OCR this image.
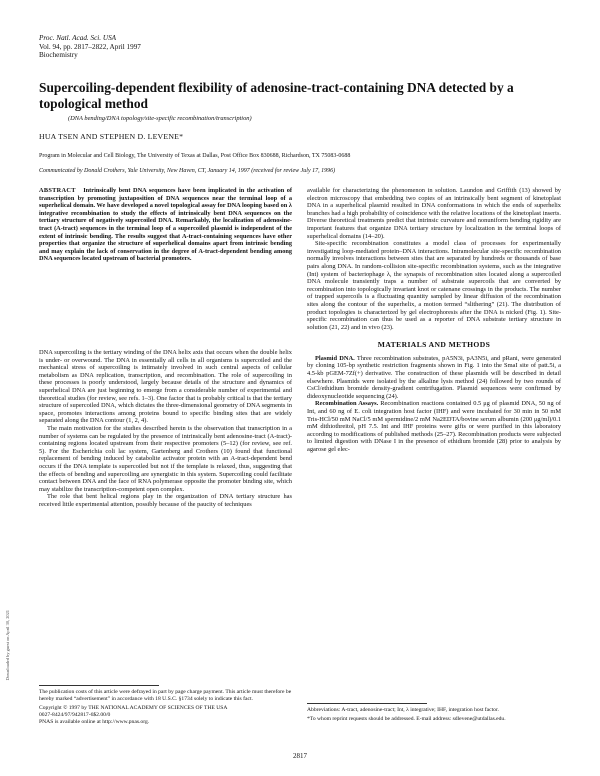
Proc. Natl. Acad. Sci. USA
Vol. 94, pp. 2817–2822, April 1997
Biochemistry
Supercoiling-dependent flexibility of adenosine-tract-containing DNA detected by a topological method
(DNA bending/DNA topology/site-specific recombination/transcription)
HUA TSEN AND STEPHEN D. LEVENE*
Program in Molecular and Cell Biology, The University of Texas at Dallas, Post Office Box 830688, Richardson, TX 75083-0688
Communicated by Donald Crothers, Yale University, New Haven, CT, January 14, 1997 (received for review July 17, 1996)
ABSTRACT Intrinsically bent DNA sequences have been implicated in the activation of transcription by promoting juxtaposition of DNA sequences near the terminal loop of a superhelical domain. We have developed a novel topological assay for DNA looping based on λ integrative recombination to study the effects of intrinsically bent DNA sequences on the tertiary structure of negatively supercoiled DNA. Remarkably, the localization of adenosine-tract (A-tract) sequences in the terminal loop of a supercoiled plasmid is independent of the extent of intrinsic bending. The results suggest that A-tract-containing sequences have other properties that organize the structure of superhelical domains apart from intrinsic bending and may explain the lack of conservation in the degree of A-tract-dependent bending among DNA sequences located upstream of bacterial promoters.

DNA supercoiling is the tertiary winding of the DNA helix axis that occurs when the double helix is under- or overwound. The DNA in essentially all cells in all organisms is supercoiled and the mechanical stress of supercoiling is intimately involved in such central aspects of cellular metabolism as DNA replication, transcription, and recombination. The role of supercoiling in these processes is poorly understood, largely because details of the structure and dynamics of superhelical DNA are just beginning to emerge from a considerable number of experimental and theoretical studies (for review, see refs. 1–3). One factor that is probably critical is that the tertiary structure of supercoiled DNA, which dictates the three-dimensional geometry of DNA segments in space, promotes interactions among proteins bound to specific binding sites that are widely separated along the DNA contour (1, 2, 4).

The main motivation for the studies described herein is the observation that transcription in a number of systems can be regulated by the presence of intrinsically bent adenosine-tract (A-tract)-containing regions located upstream from their respective promoters (5–12) (for review, see ref. 5). For the Escherichia coli lac system, Gartenberg and Crothers (10) found that functional replacement of bending induced by catabolite activator protein with an A-tract-dependent bend occurs if the DNA template is supercoiled but not if the template is relaxed, thus, suggesting that the effects of bending and supercoiling are synergistic in this system. Supercoiling could facilitate contact between DNA and the face of RNA polymerase opposite the promoter binding site, which may stabilize the transcription-competent open complex.

The role that bent helical regions play in the organization of DNA tertiary structure has received little experimental attention, possibly because of the paucity of techniques

available for characterizing the phenomenon in solution. Laundon and Griffith (13) showed by electron microscopy that embedding two copies of an intrinsically bent segment of kinetoplast DNA in a superhelical plasmid resulted in DNA conformations in which the ends of superhelix branches had a high probability of coincidence with the relative locations of the kinetoplast inserts. Diverse theoretical treatments predict that intrinsic curvature and nonuniform bending rigidity are important features that organize DNA tertiary structure by localization in the terminal loops of superhelical domains (14–20).

Site-specific recombination constitutes a model class of processes for experimentally investigating loop-mediated protein–DNA interactions. Intramolecular site-specific recombination normally involves interactions between sites that are separated by hundreds or thousands of base pairs along DNA. In random-collision site-specific recombination systems, such as the integrative (Int) system of bacteriophage λ, the synapsis of recombination sites located along a supercoiled DNA molecule transiently traps a number of substrate supercoils that are converted by recombination into topologically invariant knot or catenane crossings in the products. The number of trapped supercoils is a fluctuating quantity sampled by linear diffusion of the recombination sites along the contour of the superhelix, a motion termed “slithering” (21). The distribution of product topologies is characterized by gel electrophoresis after the DNA is nicked (Fig. 1). Site-specific recombination can thus be used as a reporter of DNA substrate tertiary structure in solution (21, 22) and in vivo (23).

MATERIALS AND METHODS

Plasmid DNA. Three recombination substrates, pA5N3i, pA3N5i, and pRani, were generated by cloning 105-bp synthetic restriction fragments shown in Fig. 1 into the SmaI site of patt.5i, a 4.5-kb pGEM-7Zf(+) derivative. The construction of these plasmids will be described in detail elsewhere. Plasmids were isolated by the alkaline lysis method (24) followed by two rounds of CsCl/ethidium bromide density-gradient centrifugation. Plasmid sequences were confirmed by dideoxynucleotide sequencing (24).

Recombination Assays. Recombination reactions contained 0.5 μg of plasmid DNA, 50 ng of Int, and 60 ng of E. coli integration host factor (IHF) and were incubated for 30 min in 50 mM Tris-HCl/50 mM NaCl/5 mM spermidine/2 mM Na2EDTA/bovine serum albumin (200 μg/ml)/0.1 mM dithiothreitol, pH 7.5. Int and IHF proteins were gifts or were purified in this laboratory according to modifications of published methods (25–27). Recombination products were subjected to limited digestion with DNase I in the presence of ethidium bromide (28) prior to analysis by agarose gel elec-

The publication costs of this article were defrayed in part by page charge payment. This article must therefore be hereby marked “advertisement” in accordance with 18 U.S.C. §1734 solely to indicate this fact.
Copyright © 1997 by THE NATIONAL ACADEMY OF SCIENCES OF THE USA
0027-8424/97/942817-6$2.00/0
PNAS is available online at http://www.pnas.org.
Abbreviations: A-tract, adenosine-tract; Int, λ integrative; IHF, integration host factor.
*To whom reprint requests should be addressed. E-mail address: sdlevene@utdallas.edu.
2817
Downloaded by guest on April 30, 2021
